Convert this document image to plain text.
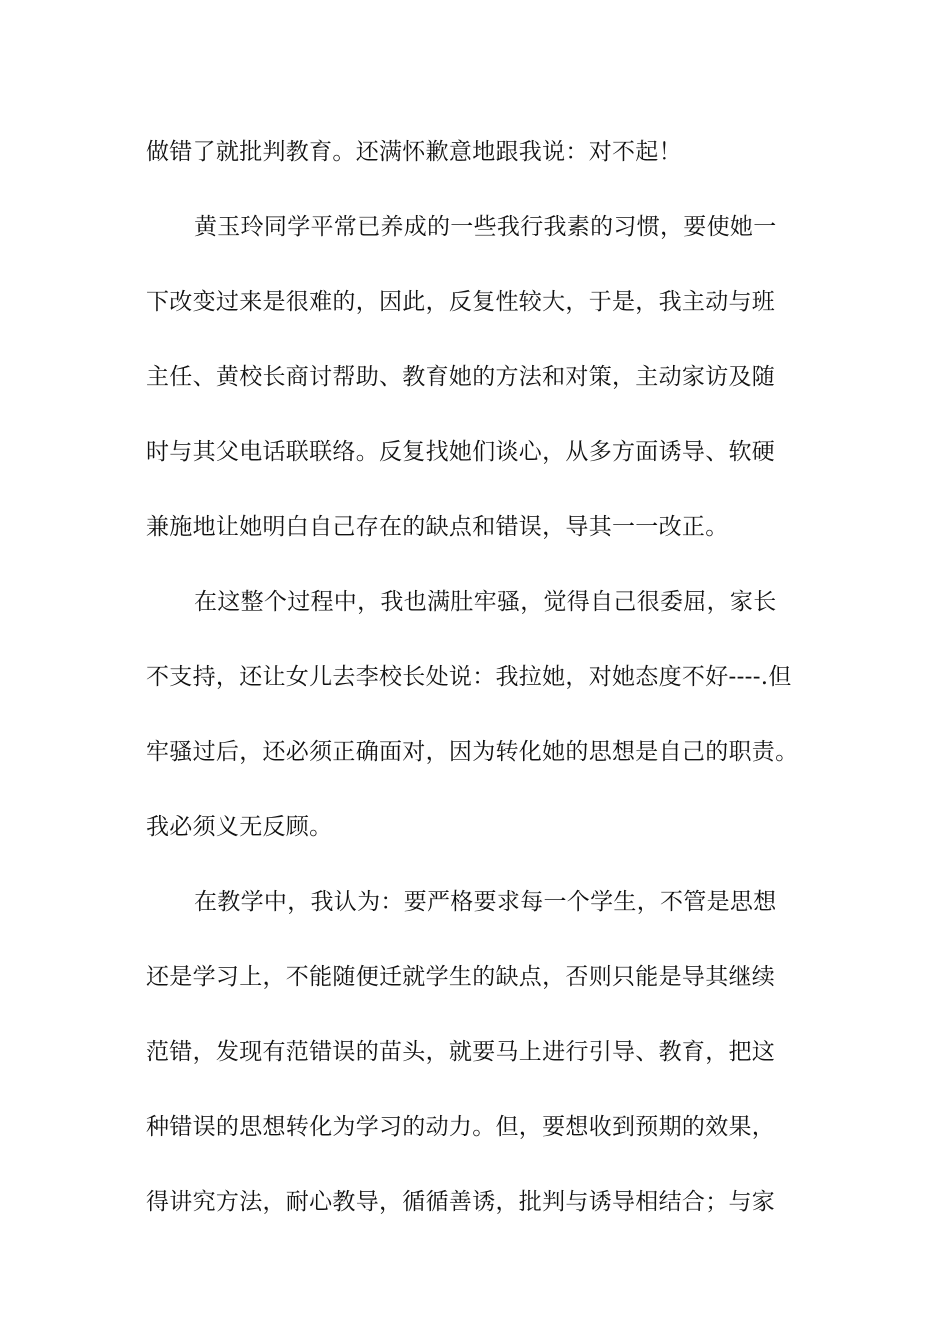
做错了就批判教育。还满怀歉意地跟我说：对不起！
黄玉玲同学平常已养成的一些我行我素的习惯，要使她一
下改变过来是很难的，因此，反复性较大，于是，我主动与班
主任、黄校长商讨帮助、教育她的方法和对策，主动家访及随
时与其父电话联联络。反复找她们谈心，从多方面诱导、软硬
兼施地让她明白自己存在的缺点和错误，导其一一改正。
在这整个过程中，我也满肚牢骚，觉得自己很委屈，家长
不支持，还让女儿去李校长处说：我拉她，对她态度不好----.但
牢骚过后，还必须正确面对，因为转化她的思想是自己的职责。
我必须义无反顾。
在教学中，我认为：要严格要求每一个学生，不管是思想
还是学习上，不能随便迁就学生的缺点，否则只能是导其继续
范错，发现有范错误的苗头，就要马上进行引导、教育，把这
种错误的思想转化为学习的动力。但，要想收到预期的效果，
得讲究方法，耐心教导，循循善诱，批判与诱导相结合；与家
